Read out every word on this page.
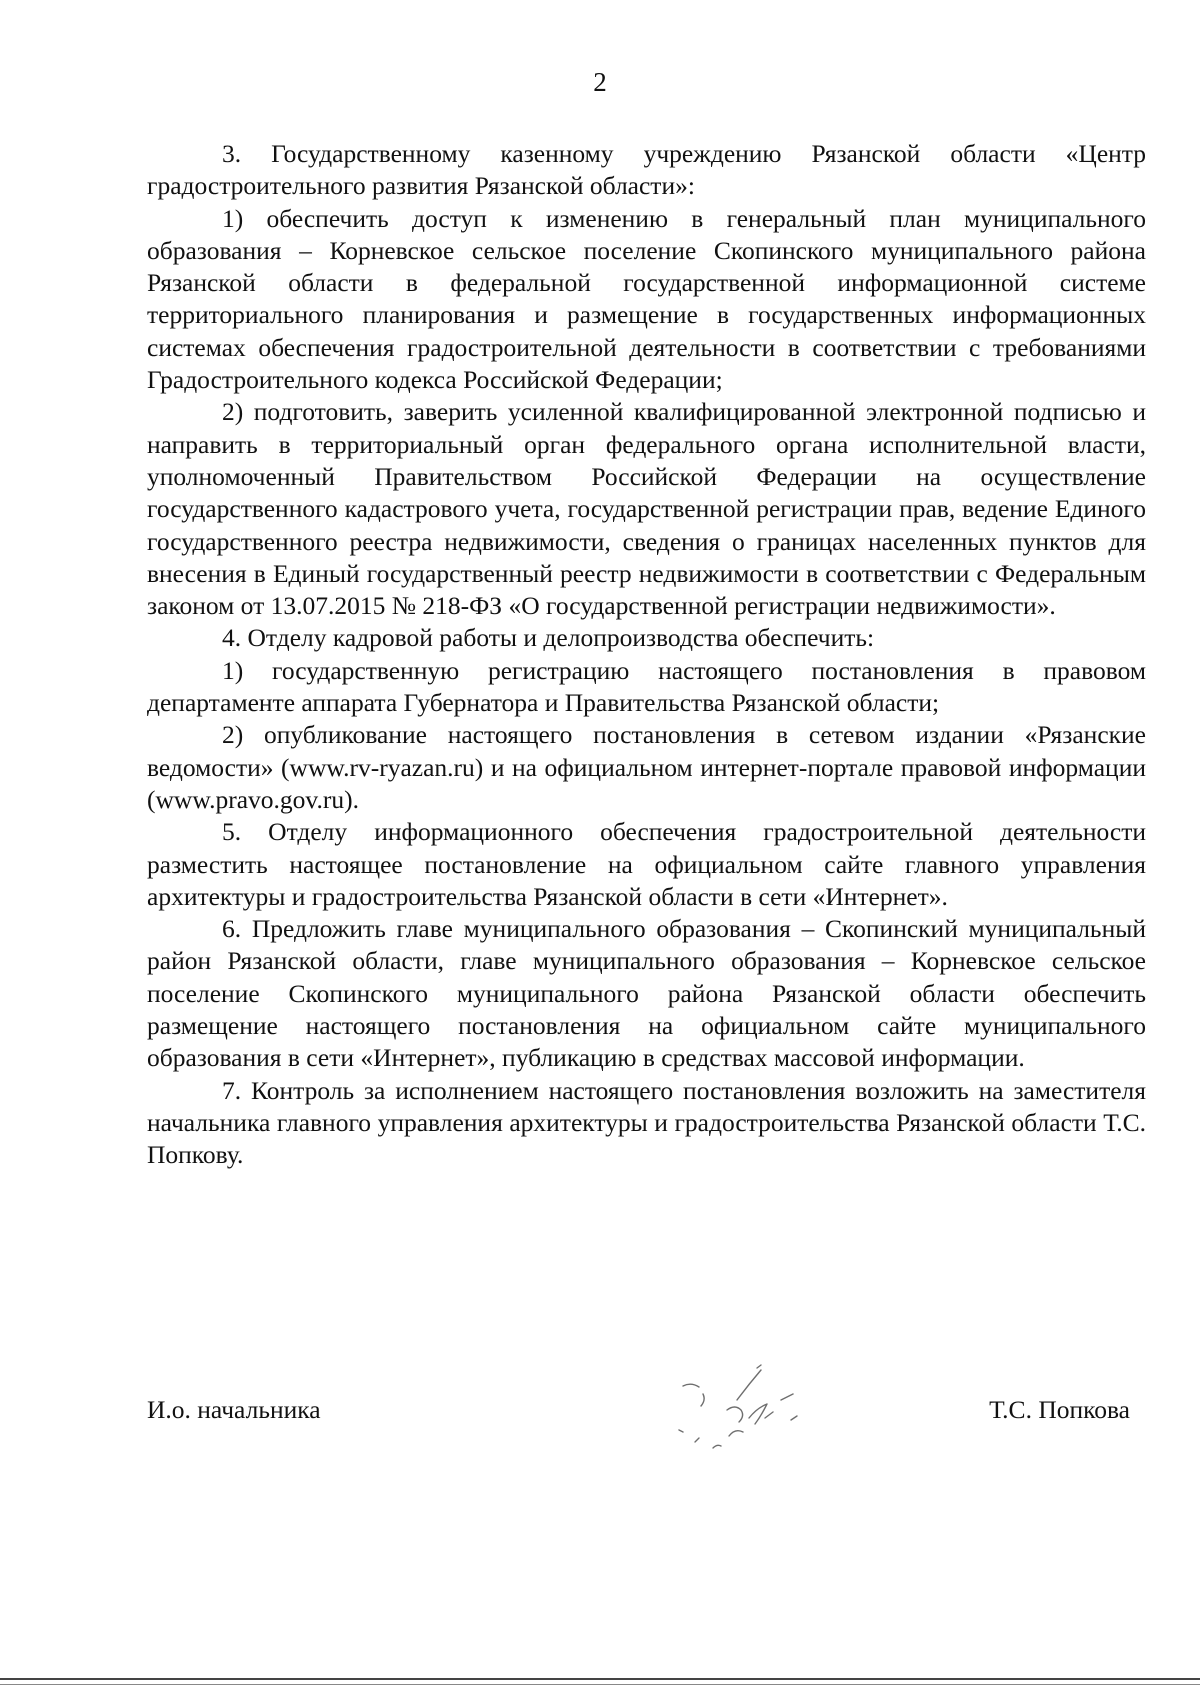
2

3. Государственному казенному учреждению Рязанской области «Центр градостроительного развития Рязанской области»:

1) обеспечить доступ к изменению в генеральный план муниципального образования – Корневское сельское поселение Скопинского муниципального района Рязанской области в федеральной государственной информационной системе территориального планирования и размещение в государственных информационных системах обеспечения градостроительной деятельности в соответствии с требованиями Градостроительного кодекса Российской Федерации;

2) подготовить, заверить усиленной квалифицированной электронной подписью и направить в территориальный орган федерального органа исполнительной власти, уполномоченный Правительством Российской Федерации на осуществление государственного кадастрового учета, государственной регистрации прав, ведение Единого государственного реестра недвижимости, сведения о границах населенных пунктов для внесения в Единый государственный реестр недвижимости в соответствии с Федеральным законом от 13.07.2015 № 218-ФЗ «О государственной регистрации недвижимости».

4. Отделу кадровой работы и делопроизводства обеспечить:

1) государственную регистрацию настоящего постановления в правовом департаменте аппарата Губернатора и Правительства Рязанской области;

2) опубликование настоящего постановления в сетевом издании «Рязанские ведомости» (www.rv-ryazan.ru) и на официальном интернет-портале правовой информации (www.pravo.gov.ru).

5. Отделу информационного обеспечения градостроительной деятельности разместить настоящее постановление на официальном сайте главного управления архитектуры и градостроительства Рязанской области в сети «Интернет».

6. Предложить главе муниципального образования – Скопинский муниципальный район Рязанской области, главе муниципального образования – Корневское сельское поселение Скопинского муниципального района Рязанской области обеспечить размещение настоящего постановления на официальном сайте муниципального образования в сети «Интернет», публикацию в средствах массовой информации.

7. Контроль за исполнением настоящего постановления возложить на заместителя начальника главного управления архитектуры и градостроительства Рязанской области Т.С. Попкову.

И.о. начальника	Т.С. Попкова
